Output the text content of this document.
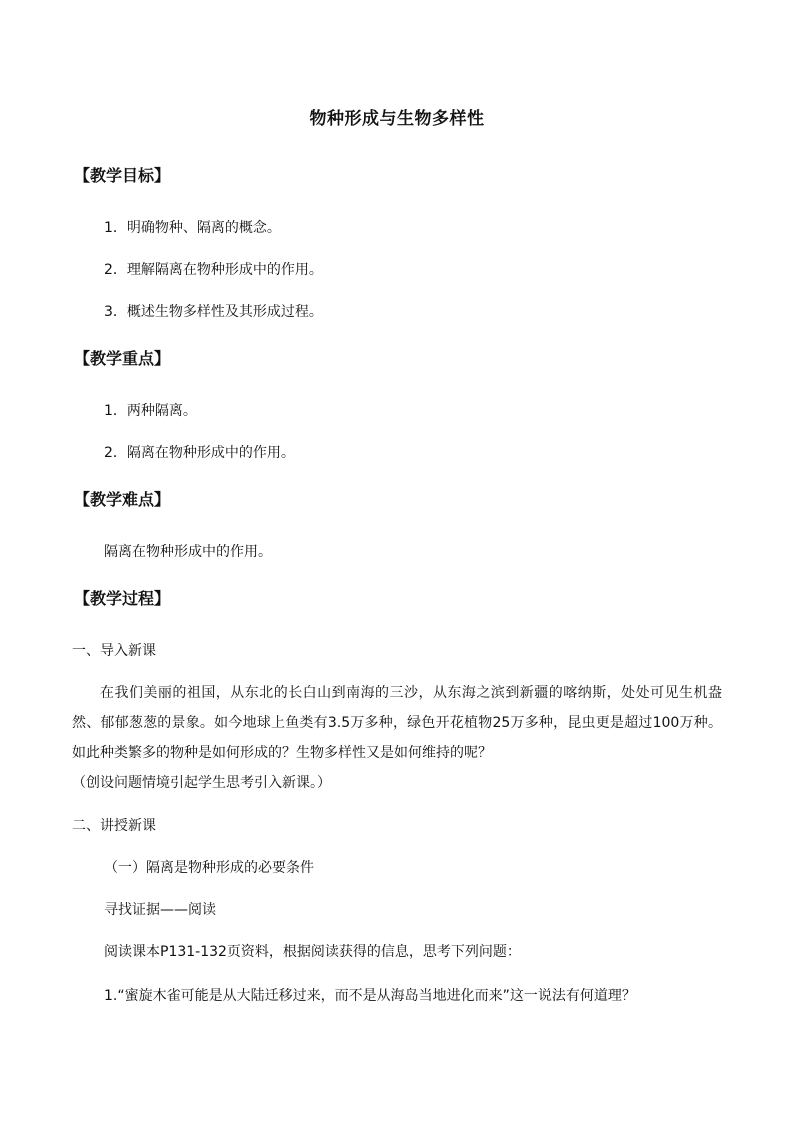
物种形成与生物多样性
【教学目标】
1．明确物种、隔离的概念。
2．理解隔离在物种形成中的作用。
3．概述生物多样性及其形成过程。
【教学重点】
1．两种隔离。
2．隔离在物种形成中的作用。
【教学难点】
隔离在物种形成中的作用。
【教学过程】
一、导入新课
在我们美丽的祖国，从东北的长白山到南海的三沙，从东海之滨到新疆的喀纳斯，处处可见生机盎然、郁郁葱葱的景象。如今地球上鱼类有3.5万多种，绿色开花植物25万多种，昆虫更是超过100万种。如此种类繁多的物种是如何形成的？生物多样性又是如何维持的呢？
（创设问题情境引起学生思考引入新课。）
二、讲授新课
（一）隔离是物种形成的必要条件
寻找证据——阅读
阅读课本P131-132页资料，根据阅读获得的信息，思考下列问题：
1.“蜜旋木雀可能是从大陆迁移过来，而不是从海岛当地进化而来”这一说法有何道理？
